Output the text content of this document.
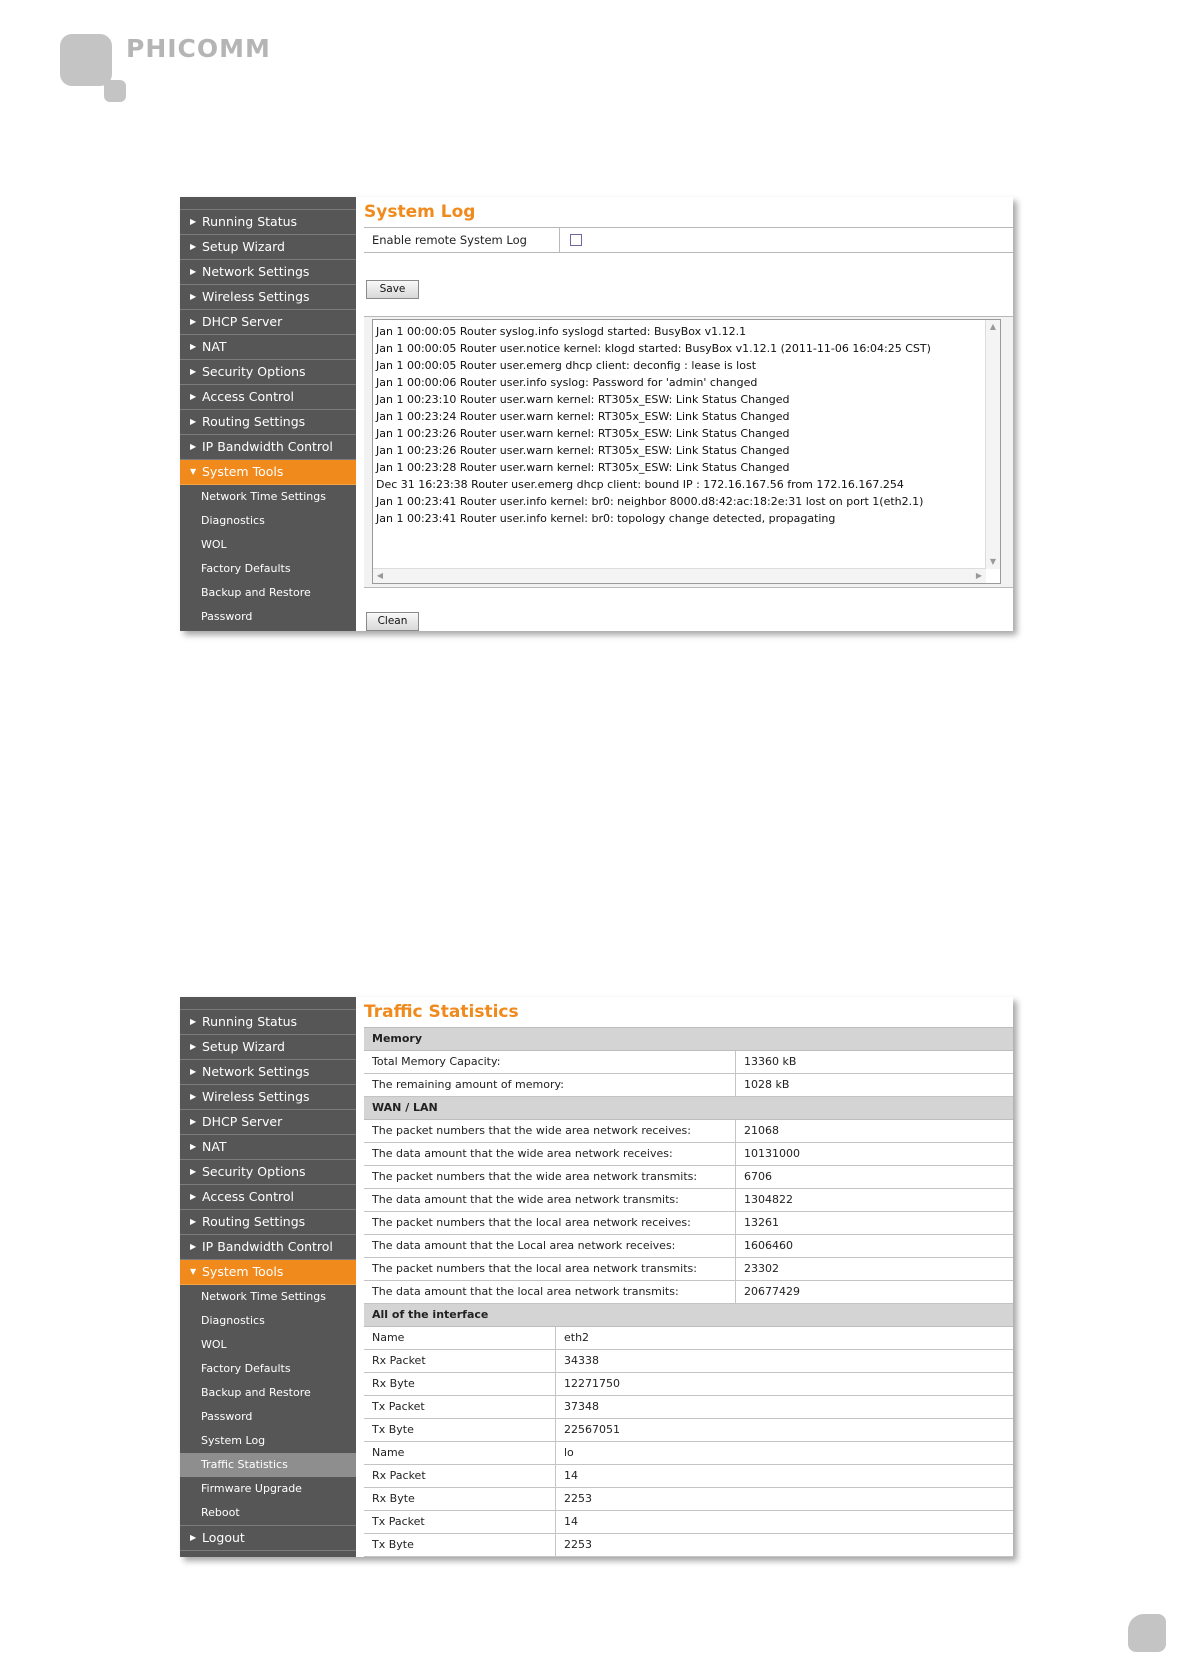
PHICOMM
▶ Running Status
▶ Setup Wizard
▶ Network Settings
▶ Wireless Settings
▶ DHCP Server
▶ NAT
▶ Security Options
▶ Access Control
▶ Routing Settings
▶ IP Bandwidth Control
▼ System Tools
Network Time Settings
Diagnostics
WOL
Factory Defaults
Backup and Restore
Password
System Log
Enable remote System Log
Save
Jan 1 00:00:05 Router syslog.info syslogd started: BusyBox v1.12.1
Jan 1 00:00:05 Router user.notice kernel: klogd started: BusyBox v1.12.1 (2011-11-06 16:04:25 CST)
Jan 1 00:00:05 Router user.emerg dhcp client: deconfig : lease is lost
Jan 1 00:00:06 Router user.info syslog: Password for 'admin' changed
Jan 1 00:23:10 Router user.warn kernel: RT305x_ESW: Link Status Changed
Jan 1 00:23:24 Router user.warn kernel: RT305x_ESW: Link Status Changed
Jan 1 00:23:26 Router user.warn kernel: RT305x_ESW: Link Status Changed
Jan 1 00:23:26 Router user.warn kernel: RT305x_ESW: Link Status Changed
Jan 1 00:23:28 Router user.warn kernel: RT305x_ESW: Link Status Changed
Dec 31 16:23:38 Router user.emerg dhcp client: bound IP : 172.16.167.56 from 172.16.167.254
Jan 1 00:23:41 Router user.info kernel: br0: neighbor 8000.d8:42:ac:18:2e:31 lost on port 1(eth2.1)
Jan 1 00:23:41 Router user.info kernel: br0: topology change detected, propagating
▲
▼
◀	▶
Clean
▶ Running Status
▶ Setup Wizard
▶ Network Settings
▶ Wireless Settings
▶ DHCP Server
▶ NAT
▶ Security Options
▶ Access Control
▶ Routing Settings
▶ IP Bandwidth Control
▼ System Tools
Network Time Settings
Diagnostics
WOL
Factory Defaults
Backup and Restore
Password
System Log
Traffic Statistics
Firmware Upgrade
Reboot
▶ Logout
Traffic Statistics
Memory	
Total Memory Capacity:	13360 kB
The remaining amount of memory:	1028 kB
WAN / LAN	
The packet numbers that the wide area network receives:	21068
The data amount that the wide area network receives:	10131000
The packet numbers that the wide area network transmits:	6706
The data amount that the wide area network transmits:	1304822
The packet numbers that the local area network receives:	13261
The data amount that the Local area network receives:	1606460
The packet numbers that the local area network transmits:	23302
The data amount that the local area network transmits:	20677429
All of the interface	
Name	eth2
Rx Packet	34338
Rx Byte	12271750
Tx Packet	37348
Tx Byte	22567051
Name	lo
Rx Packet	14
Rx Byte	2253
Tx Packet	14
Tx Byte	2253
